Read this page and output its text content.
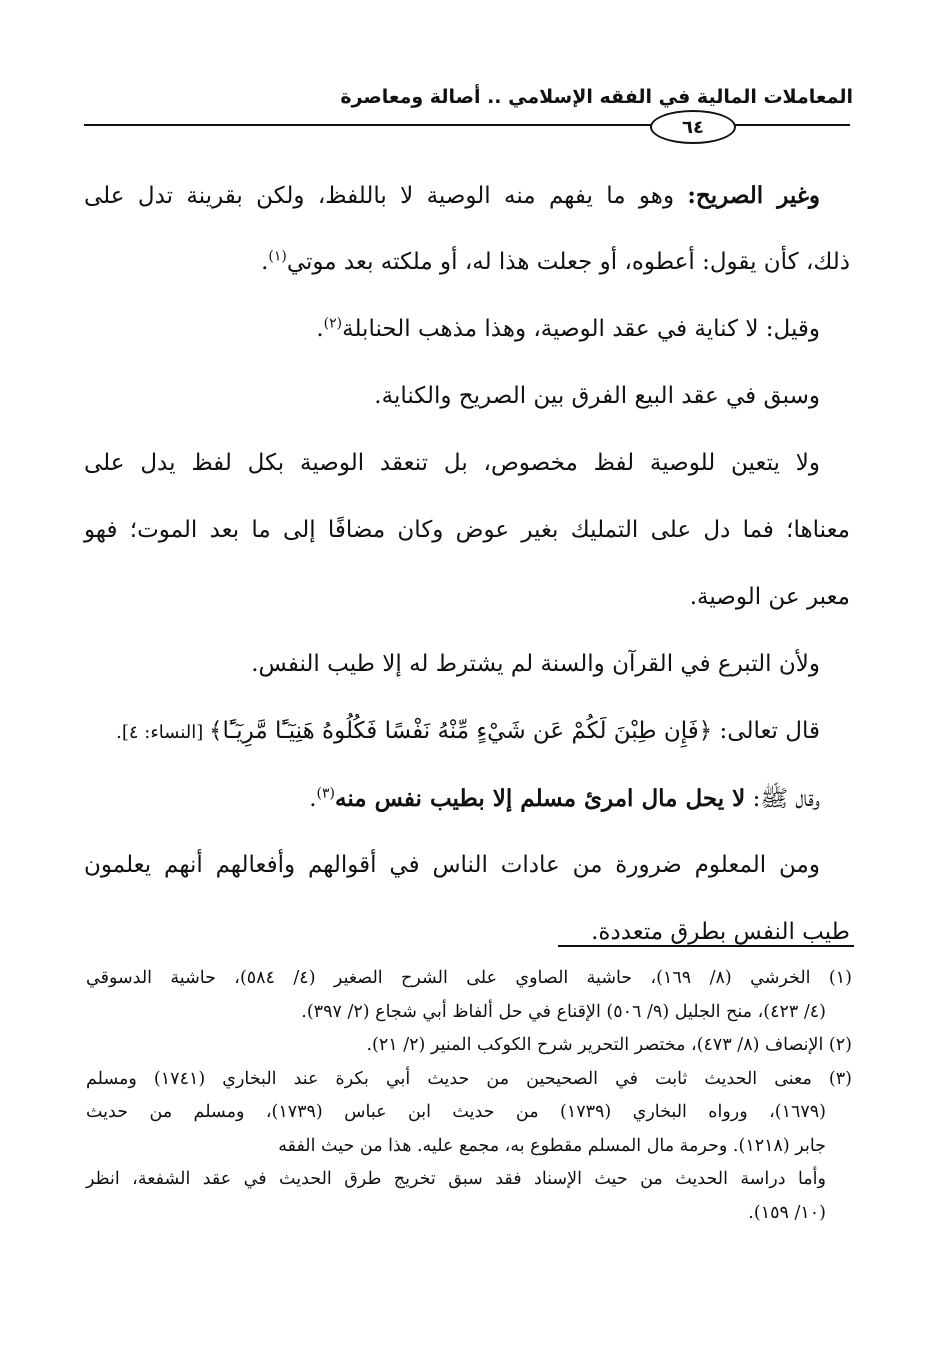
المعاملات المالية في الفقه الإسلامي .. أصالة ومعاصرة
٦٤
وغير الصريح: وهو ما يفهم منه الوصية لا باللفظ، ولكن بقرينة تدل على
ذلك، كأن يقول: أعطوه، أو جعلت هذا له، أو ملكته بعد موتي$^{(١)}$.
وقيل: لا كناية في عقد الوصية، وهذا مذهب الحنابلة$^{(٢)}$.
وسبق في عقد البيع الفرق بين الصريح والكناية.
ولا يتعين للوصية لفظ مخصوص، بل تنعقد الوصية بكل لفظ يدل على
معناها؛ فما دل على التمليك بغير عوض وكان مضافًا إلى ما بعد الموت؛ فهو
معبر عن الوصية.
ولأن التبرع في القرآن والسنة لم يشترط له إلا طيب النفس.
قال تعالى: ﴿فَإِن طِبْنَ لَكُمْ عَن شَيْءٍ مِّنْهُ نَفْسًا فَكُلُوهُ هَنِيٓـًٔا مَّرِيٓـًٔا﴾ [النساء: ٤].
وقال ﷺ: لا يحل مال امرئ مسلم إلا بطيب نفس منه$^{(٣)}$.
ومن المعلوم ضرورة من عادات الناس في أقوالهم وأفعالهم أنهم يعلمون
طيب النفس بطرق متعددة.
(١) الخرشي (٨/ ١٦٩)، حاشية الصاوي على الشرح الصغير (٤/ ٥٨٤)، حاشية الدسوقي
(٤/ ٤٢٣)، منح الجليل (٩/ ٥٠٦) الإقناع في حل ألفاظ أبي شجاع (٢/ ٣٩٧).
(٢) الإنصاف (٨/ ٤٧٣)، مختصر التحرير شرح الكوكب المنير (٢/ ٢١).
(٣) معنى الحديث ثابت في الصحيحين من حديث أبي بكرة عند البخاري (١٧٤١) ومسلم
(١٦٧٩)، ورواه البخاري (١٧٣٩) من حديث ابن عباس (١٧٣٩)، ومسلم من حديث
جابر (١٢١٨). وحرمة مال المسلم مقطوع به، مجمع عليه. هذا من حيث الفقه
وأما دراسة الحديث من حيث الإسناد فقد سبق تخريج طرق الحديث في عقد الشفعة، انظر
(١٠/ ١٥٩).
